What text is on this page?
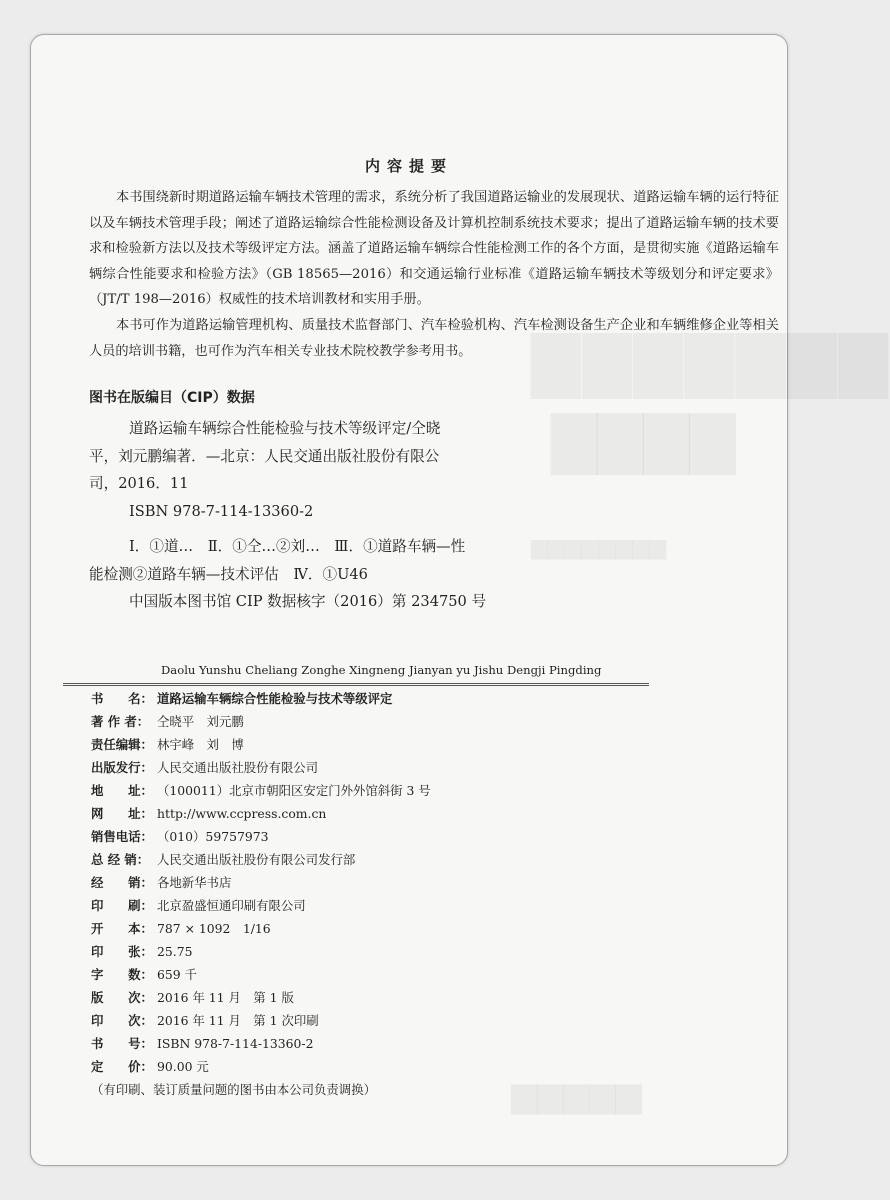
▇▇▇▇▇▇▇
▇▇▇▇
▆▆▆▆▆▆▆▆
▆▆▆▆▆
内容提要

本书围绕新时期道路运输车辆技术管理的需求，系统分析了我国道路运输业的发展现状、道路运输车辆的运行特征以及车辆技术管理手段；阐述了道路运输综合性能检测设备及计算机控制系统技术要求；提出了道路运输车辆的技术要求和检验新方法以及技术等级评定方法。涵盖了道路运输车辆综合性能检测工作的各个方面，是贯彻实施《道路运输车辆综合性能要求和检验方法》（GB 18565—2016）和交通运输行业标准《道路运输车辆技术等级划分和评定要求》（JT/T 198—2016）权威性的技术培训教材和实用手册。

本书可作为道路运输管理机构、质量技术监督部门、汽车检验机构、汽车检测设备生产企业和车辆维修企业等相关人员的培训书籍，也可作为汽车相关专业技术院校教学参考用书。

图书在版编目（CIP）数据
道路运输车辆综合性能检验与技术等级评定/仝晓
平，刘元鹏编著．—北京：人民交通出版社股份有限公
司，2016．11
ISBN 978-7-114-13360-2
Ⅰ．①道…　Ⅱ．①仝…②刘…　Ⅲ．①道路车辆—性
能检测②道路车辆—技术评估　Ⅳ．①U46
中国版本图书馆 CIP 数据核字（2016）第 234750 号
Daolu Yunshu Cheliang Zonghe Xingneng Jianyan yu Jishu Dengji Pingding
书　　名： 道路运输车辆综合性能检验与技术等级评定
著 作 者： 仝晓平　刘元鹏
责任编辑： 林宇峰　刘　博
出版发行： 人民交通出版社股份有限公司
地　　址： （100011）北京市朝阳区安定门外外馆斜街 3 号
网　　址： http://www.ccpress.com.cn
销售电话： （010）59757973
总 经 销： 人民交通出版社股份有限公司发行部
经　　销： 各地新华书店
印　　刷： 北京盈盛恒通印刷有限公司
开　　本： 787 × 1092　1/16
印　　张： 25.75
字　　数： 659 千
版　　次： 2016 年 11 月　第 1 版
印　　次： 2016 年 11 月　第 1 次印刷
书　　号： ISBN 978-7-114-13360-2
定　　价： 90.00 元
（有印刷、装订质量问题的图书由本公司负责调换）
